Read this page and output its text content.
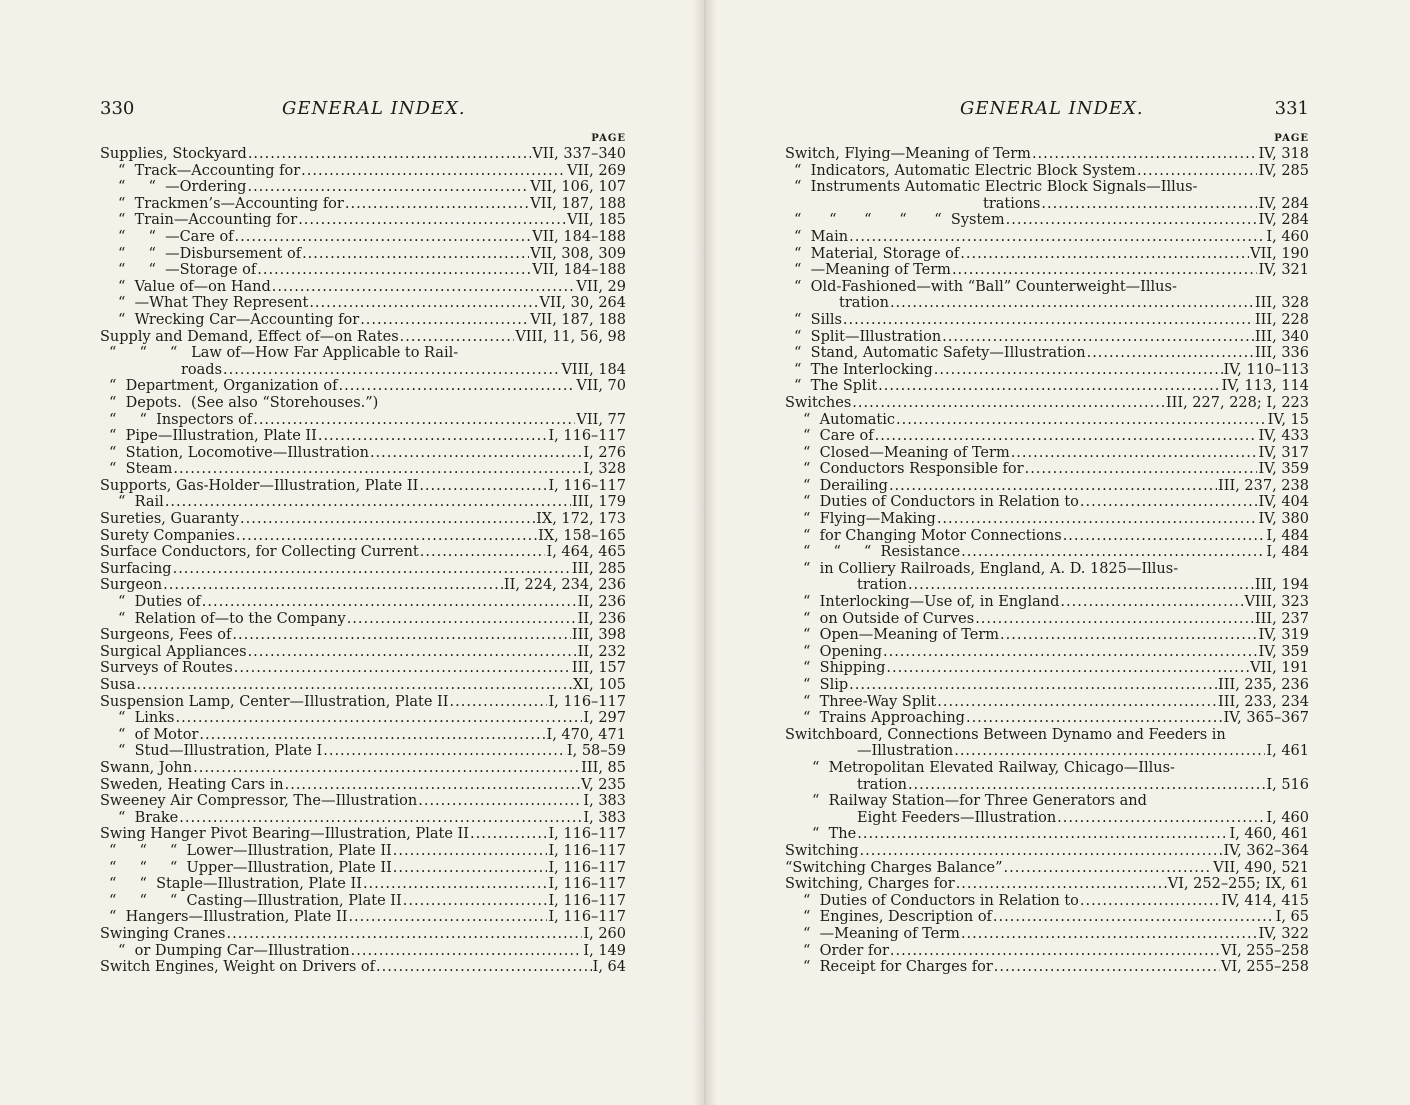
330	GENERAL INDEX.
PAGE
Supplies, Stockyard .....	VII, 337–340
“  Track—Accounting for .....	VII, 269
“     “  —Ordering .....	VII, 106, 107
“  Trackmen’s—Accounting for .....	VII, 187, 188
“  Train—Accounting for .....	VII, 185
“     “  —Care of .....	VII, 184–188
“     “  —Disbursement of .....	VII, 308, 309
“     “  —Storage of .....	VII, 184–188
“  Value of—on Hand .....	VII, 29
“  —What They Represent .....	VII, 30, 264
“  Wrecking Car—Accounting for .....	VII, 187, 188
Supply and Demand, Effect of—on Rates .....	VIII, 11, 56, 98
“     “     “   Law of—How Far Applicable to Rail-
roads .....	VIII, 184
“  Department, Organization of .....	VII, 70
“  Depots.  (See also “Storehouses.”)
“     “  Inspectors of .....	VII, 77
“  Pipe—Illustration, Plate II .....	I, 116–117
“  Station, Locomotive—Illustration .....	I, 276
“  Steam .....	I, 328
Supports, Gas-Holder—Illustration, Plate II .....	I, 116–117
“  Rail .....	III, 179
Sureties, Guaranty .....	IX, 172, 173
Surety Companies .....	IX, 158–165
Surface Conductors, for Collecting Current .....	I, 464, 465
Surfacing .....	III, 285
Surgeon .....	II, 224, 234, 236
“  Duties of .....	II, 236
“  Relation of—to the Company .....	II, 236
Surgeons, Fees of .....	III, 398
Surgical Appliances .....	II, 232
Surveys of Routes .....	III, 157
Susa .....	XI, 105
Suspension Lamp, Center—Illustration, Plate II .....	I, 116–117
“  Links .....	I, 297
“  of Motor .....	I, 470, 471
“  Stud—Illustration, Plate I .....	I, 58–59
Swann, John .....	III, 85
Sweden, Heating Cars in .....	V, 235
Sweeney Air Compressor, The—Illustration .....	I, 383
“  Brake .....	I, 383
Swing Hanger Pivot Bearing—Illustration, Plate II .....	I, 116–117
“     “     “  Lower—Illustration, Plate II .....	I, 116–117
“     “     “  Upper—Illustration, Plate II .....	I, 116–117
“     “  Staple—Illustration, Plate II .....	I, 116–117
“     “     “  Casting—Illustration, Plate II .....	I, 116–117
“  Hangers—Illustration, Plate II .....	I, 116–117
Swinging Cranes .....	I, 260
“  or Dumping Car—Illustration .....	I, 149
Switch Engines, Weight on Drivers of .....	I, 64
GENERAL INDEX.	331
PAGE
Switch, Flying—Meaning of Term .....	IV, 318
“  Indicators, Automatic Electric Block System .....	IV, 285
“  Instruments Automatic Electric Block Signals—Illus-
trations .....	IV, 284
“      “      “      “      “  System .....	IV, 284
“  Main .....	I, 460
“  Material, Storage of .....	VII, 190
“  —Meaning of Term .....	IV, 321
“  Old-Fashioned—with “Ball” Counterweight—Illus-
tration .....	III, 328
“  Sills .....	III, 228
“  Split—Illustration .....	III, 340
“  Stand, Automatic Safety—Illustration .....	III, 336
“  The Interlocking .....	IV, 110–113
“  The Split .....	IV, 113, 114
Switches .....	III, 227, 228; I, 223
“  Automatic .....	IV, 15
“  Care of .....	IV, 433
“  Closed—Meaning of Term .....	IV, 317
“  Conductors Responsible for .....	IV, 359
“  Derailing .....	III, 237, 238
“  Duties of Conductors in Relation to .....	IV, 404
“  Flying—Making .....	IV, 380
“  for Changing Motor Connections .....	I, 484
“     “     “  Resistance .....	I, 484
“  in Colliery Railroads, England, A. D. 1825—Illus-
tration .....	III, 194
“  Interlocking—Use of, in England .....	VIII, 323
“  on Outside of Curves .....	III, 237
“  Open—Meaning of Term .....	IV, 319
“  Opening .....	IV, 359
“  Shipping .....	VII, 191
“  Slip .....	III, 235, 236
“  Three-Way Split .....	III, 233, 234
“  Trains Approaching .....	IV, 365–367
Switchboard, Connections Between Dynamo and Feeders in
—Illustration .....	I, 461
“  Metropolitan Elevated Railway, Chicago—Illus-
tration .....	I, 516
“  Railway Station—for Three Generators and
Eight Feeders—Illustration .....	I, 460
“  The .....	I, 460, 461
Switching .....	IV, 362–364
“Switching Charges Balance” .....	VII, 490, 521
Switching, Charges for .....	VI, 252–255; IX, 61
“  Duties of Conductors in Relation to .....	IV, 414, 415
“  Engines, Description of .....	I, 65
“  —Meaning of Term .....	IV, 322
“  Order for .....	VI, 255–258
“  Receipt for Charges for .....	VI, 255–258
